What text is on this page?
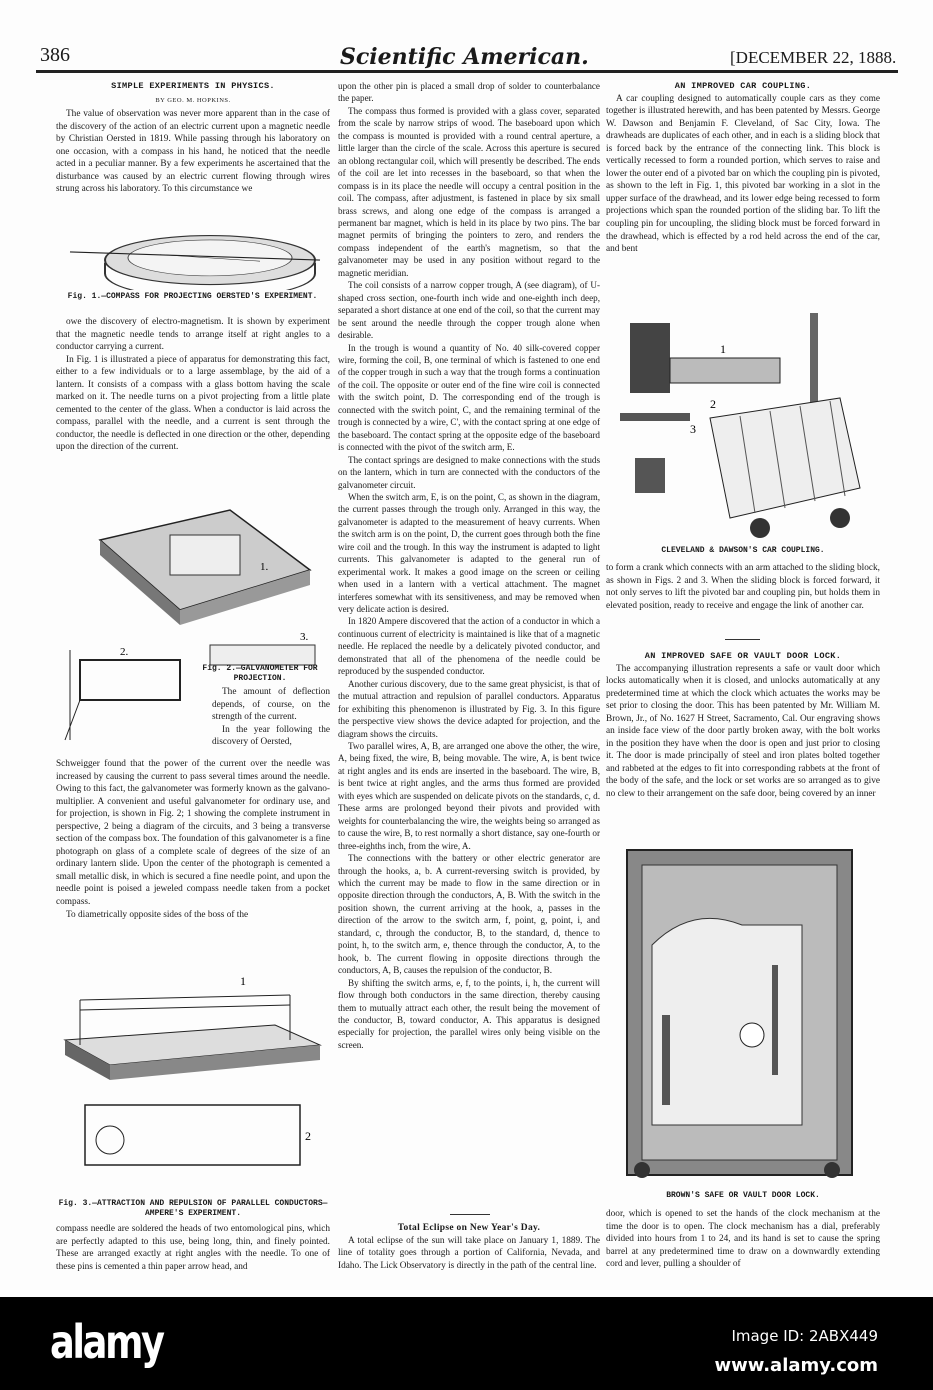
386	Scientific American.	[DECEMBER 22, 1888.
SIMPLE EXPERIMENTS IN PHYSICS.
BY GEO. M. HOPKINS.

The value of observation was never more apparent than in the case of the discovery of the action of an electric current upon a magnetic needle by Christian Oersted in 1819. While passing through his laboratory on one occasion, with a compass in his hand, he noticed that the needle acted in a peculiar manner. By a few experiments he ascertained that the disturbance was caused by an electric current flowing through wires strung across his laboratory. To this circumstance we

Fig. 1.—COMPASS FOR PROJECTING OERSTED'S EXPERIMENT.

owe the discovery of electro-magnetism. It is shown by experiment that the magnetic needle tends to arrange itself at right angles to a conductor carrying a current.

In Fig. 1 is illustrated a piece of apparatus for demonstrating this fact, either to a few individuals or to a large assemblage, by the aid of a lantern. It consists of a compass with a glass bottom having the scale marked on it. The needle turns on a pivot projecting from a little plate cemented to the center of the glass. When a conductor is laid across the compass, parallel with the needle, and a current is sent through the conductor, the needle is deflected in one direction or the other, depending upon the direction of the current.

1.
2.
3.
Fig. 2.—GALVANOMETER FOR PROJECTION.

The amount of deflection depends, of course, on the strength of the current.

In the year following the discovery of Oersted,

Schweigger found that the power of the current over the needle was increased by causing the current to pass several times around the needle. Owing to this fact, the galvanometer was formerly known as the galvano-multiplier. A convenient and useful galvanometer for ordinary use, and for projection, is shown in Fig. 2; 1 showing the complete instrument in perspective, 2 being a diagram of the circuits, and 3 being a transverse section of the compass box. The foundation of this galvanometer is a fine photograph on glass of a complete scale of degrees of the size of an ordinary lantern slide. Upon the center of the photograph is cemented a small metallic disk, in which is secured a fine needle point, and upon the needle point is poised a jeweled compass needle taken from a pocket compass.

To diametrically opposite sides of the boss of the

1
2
Fig. 3.—ATTRACTION AND REPULSION OF PARALLEL CONDUCTORS—AMPERE'S EXPERIMENT.

compass needle are soldered the heads of two entomological pins, which are perfectly adapted to this use, being long, thin, and finely pointed. These are arranged exactly at right angles with the needle. To one of these pins is cemented a thin paper arrow head, and

upon the other pin is placed a small drop of solder to counterbalance the paper.

The compass thus formed is provided with a glass cover, separated from the scale by narrow strips of wood. The baseboard upon which the compass is mounted is provided with a round central aperture, a little larger than the circle of the scale. Across this aperture is secured an oblong rectangular coil, which will presently be described. The ends of the coil are let into recesses in the baseboard, so that when the compass is in its place the needle will occupy a central position in the coil. The compass, after adjustment, is fastened in place by six small brass screws, and along one edge of the compass is arranged a permanent bar magnet, which is held in its place by two pins. The bar magnet permits of bringing the pointers to zero, and renders the compass independent of the earth's magnetism, so that the galvanometer may be used in any position without regard to the magnetic meridian.

The coil consists of a narrow copper trough, A (see diagram), of U-shaped cross section, one-fourth inch wide and one-eighth inch deep, separated a short distance at one end of the coil, so that the current may be sent around the needle through the copper trough alone when desirable.

In the trough is wound a quantity of No. 40 silk-covered copper wire, forming the coil, B, one terminal of which is fastened to one end of the copper trough in such a way that the trough forms a continuation of the coil. The opposite or outer end of the fine wire coil is connected with the switch point, D. The corresponding end of the trough is connected with the switch point, C, and the remaining terminal of the trough is connected by a wire, C', with the contact spring at one edge of the baseboard. The contact spring at the opposite edge of the baseboard is connected with the pivot of the switch arm, E.

The contact springs are designed to make connections with the studs on the lantern, which in turn are connected with the conductors of the galvanometer circuit.

When the switch arm, E, is on the point, C, as shown in the diagram, the current passes through the trough only. Arranged in this way, the galvanometer is adapted to the measurement of heavy currents. When the switch arm is on the point, D, the current goes through both the fine wire coil and the trough. In this way the instrument is adapted to light currents. This galvanometer is adapted to the general run of experimental work. It makes a good image on the screen or ceiling when used in a lantern with a vertical attachment. The magnet interferes somewhat with its sensitiveness, and may be removed when very delicate action is desired.

In 1820 Ampere discovered that the action of a conductor in which a continuous current of electricity is maintained is like that of a magnetic needle. He replaced the needle by a delicately pivoted conductor, and demonstrated that all of the phenomena of the needle could be reproduced by the suspended conductor.

Another curious discovery, due to the same great physicist, is that of the mutual attraction and repulsion of parallel conductors. Apparatus for exhibiting this phenomenon is illustrated by Fig. 3. In this figure the perspective view shows the device adapted for projection, and the diagram shows the circuits.

Two parallel wires, A, B, are arranged one above the other, the wire, A, being fixed, the wire, B, being movable. The wire, A, is bent twice at right angles and its ends are inserted in the baseboard. The wire, B, is bent twice at right angles, and the arms thus formed are provided with eyes which are suspended on delicate pivots on the standards, c, d. These arms are prolonged beyond their pivots and provided with weights for counterbalancing the wire, the weights being so arranged as to cause the wire, B, to rest normally a short distance, say one-fourth or three-eighths inch, from the wire, A.

The connections with the battery or other electric generator are through the hooks, a, b. A current-reversing switch is provided, by which the current may be made to flow in the same direction or in opposite direction through the conductors, A, B. With the switch in the position shown, the current arriving at the hook, a, passes in the direction of the arrow to the switch arm, f, point, g, point, i, and standard, c, through the conductor, B, to the standard, d, thence to point, h, to the switch arm, e, thence through the conductor, A, to the hook, b. The current flowing in opposite directions through the conductors, A, B, causes the repulsion of the conductor, B.

By shifting the switch arms, e, f, to the points, i, h, the current will flow through both conductors in the same direction, thereby causing them to mutually attract each other, the result being the movement of the conductor, B, toward conductor, A. This apparatus is designed especially for projection, the parallel wires only being visible on the screen.

Total Eclipse on New Year's Day.

A total eclipse of the sun will take place on January 1, 1889. The line of totality goes through a portion of California, Nevada, and Idaho. The Lick Observatory is directly in the path of the central line.

AN IMPROVED CAR COUPLING.

A car coupling designed to automatically couple cars as they come together is illustrated herewith, and has been patented by Messrs. George W. Dawson and Benjamin F. Cleveland, of Sac City, Iowa. The drawheads are duplicates of each other, and in each is a sliding block that is forced back by the entrance of the connecting link. This block is vertically recessed to form a rounded portion, which serves to raise and lower the outer end of a pivoted bar on which the coupling pin is pivoted, as shown to the left in Fig. 1, this pivoted bar working in a slot in the upper surface of the drawhead, and its lower edge being recessed to form projections which span the rounded portion of the sliding bar. To lift the coupling pin for uncoupling, the sliding block must be forced forward in the drawhead, which is effected by a rod held across the end of the car, and bent

1
2
3
CLEVELAND & DAWSON'S CAR COUPLING.

to form a crank which connects with an arm attached to the sliding block, as shown in Figs. 2 and 3. When the sliding block is forced forward, it not only serves to lift the pivoted bar and coupling pin, but holds them in elevated position, ready to receive and engage the link of another car.

AN IMPROVED SAFE OR VAULT DOOR LOCK.

The accompanying illustration represents a safe or vault door which locks automatically when it is closed, and unlocks automatically at any predetermined time at which the clock which actuates the works may be set prior to closing the door. This has been patented by Mr. William M. Brown, Jr., of No. 1627 H Street, Sacramento, Cal. Our engraving shows an inside face view of the door partly broken away, with the bolt works in the position they have when the door is open and just prior to closing it. The door is made principally of steel and iron plates bolted together and rabbeted at the edges to fit into corresponding rabbets at the front of the body of the safe, and the lock or set works are so arranged as to give no clew to their arrangement on the safe door, being covered by an inner

BROWN'S SAFE OR VAULT DOOR LOCK.

door, which is opened to set the hands of the clock mechanism at the time the door is to open. The clock mechanism has a dial, preferably divided into hours from 1 to 24, and its hand is set to cause the spring barrel at any predetermined time to draw on a downwardly extending cord and lever, pulling a shoulder of

alamy	Image ID: 2ABX449
www.alamy.com
